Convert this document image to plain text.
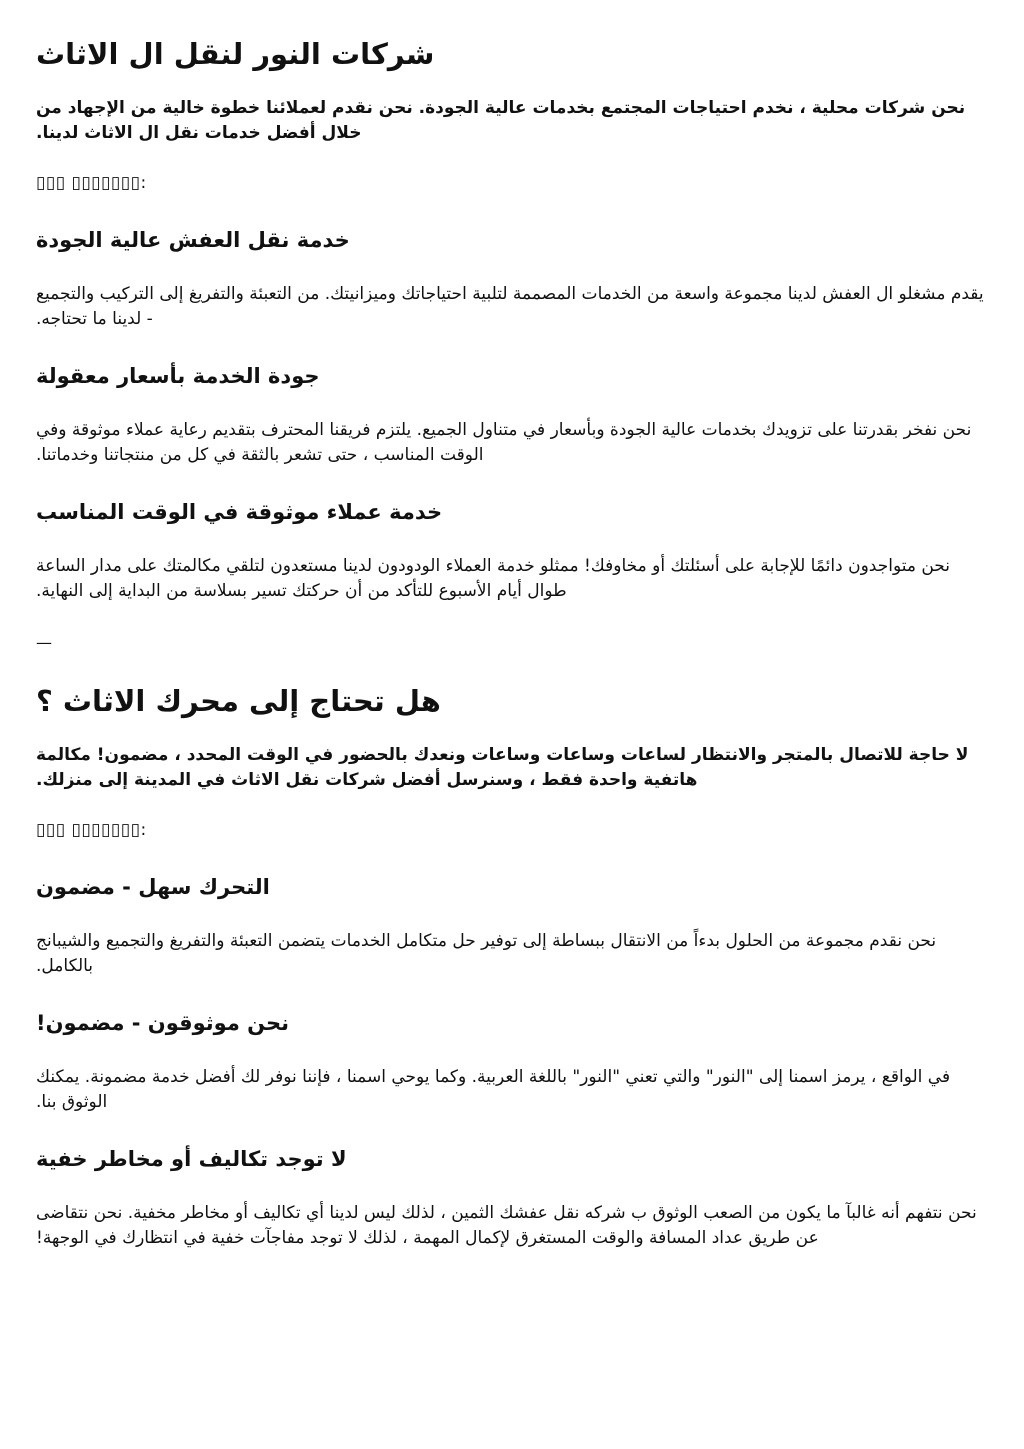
شركات النور لنقل ال الاثاث

نحن شركات محلية ، نخدم احتياجات المجتمع بخدمات عالية الجودة. نحن نقدم لعملائنا خطوة خالية من الإجهاد من خلال أفضل خدمات نقل ال الاثاث لدينا.

▯▯▯ ▯▯▯▯▯▯▯:

خدمة نقل العفش عالية الجودة

يقدم مشغلو ال العفش لدينا مجموعة واسعة من الخدمات المصممة لتلبية احتياجاتك وميزانيتك. من التعبئة والتفريغ إلى التركيب والتجميع - لدينا ما تحتاجه.

جودة الخدمة بأسعار معقولة

نحن نفخر بقدرتنا على تزويدك بخدمات عالية الجودة وبأسعار في متناول الجميع. يلتزم فريقنا المحترف بتقديم رعاية عملاء موثوقة وفي الوقت المناسب ، حتى تشعر بالثقة في كل من منتجاتنا وخدماتنا.

خدمة عملاء موثوقة في الوقت المناسب

نحن متواجدون دائمًا للإجابة على أسئلتك أو مخاوفك! ممثلو خدمة العملاء الودودون لدينا مستعدون لتلقي مكالمتك على مدار الساعة طوال أيام الأسبوع للتأكد من أن حركتك تسير بسلاسة من البداية إلى النهاية.

—
هل تحتاج إلى محرك الاثاث ؟

لا حاجة للاتصال بالمتجر والانتظار لساعات وساعات وساعات ونعدك بالحضور في الوقت المحدد ، مضمون! مكالمة هاتفية واحدة فقط ، وسنرسل أفضل شركات نقل الاثاث في المدينة إلى منزلك.

▯▯▯ ▯▯▯▯▯▯▯:

التحرك سهل - مضمون

نحن نقدم مجموعة من الحلول بدءاً من الانتقال ببساطة إلى توفير حل متكامل الخدمات يتضمن التعبئة والتفريغ والتجميع والشيبانج بالكامل.

نحن موثوقون - مضمون!

في الواقع ، يرمز اسمنا إلى "النور" والتي تعني "النور" باللغة العربية. وكما يوحي اسمنا ، فإننا نوفر لك أفضل خدمة مضمونة. يمكنك الوثوق بنا.

لا توجد تكاليف أو مخاطر خفية

نحن نتفهم أنه غالبآ ما يكون من الصعب الوثوق ب شركه نقل عفشك الثمين ، لذلك ليس لدينا أي تكاليف أو مخاطر مخفية. نحن نتقاضى عن طريق عداد المسافة والوقت المستغرق لإكمال المهمة ، لذلك لا توجد مفاجآت خفية في انتظارك في الوجهة!
